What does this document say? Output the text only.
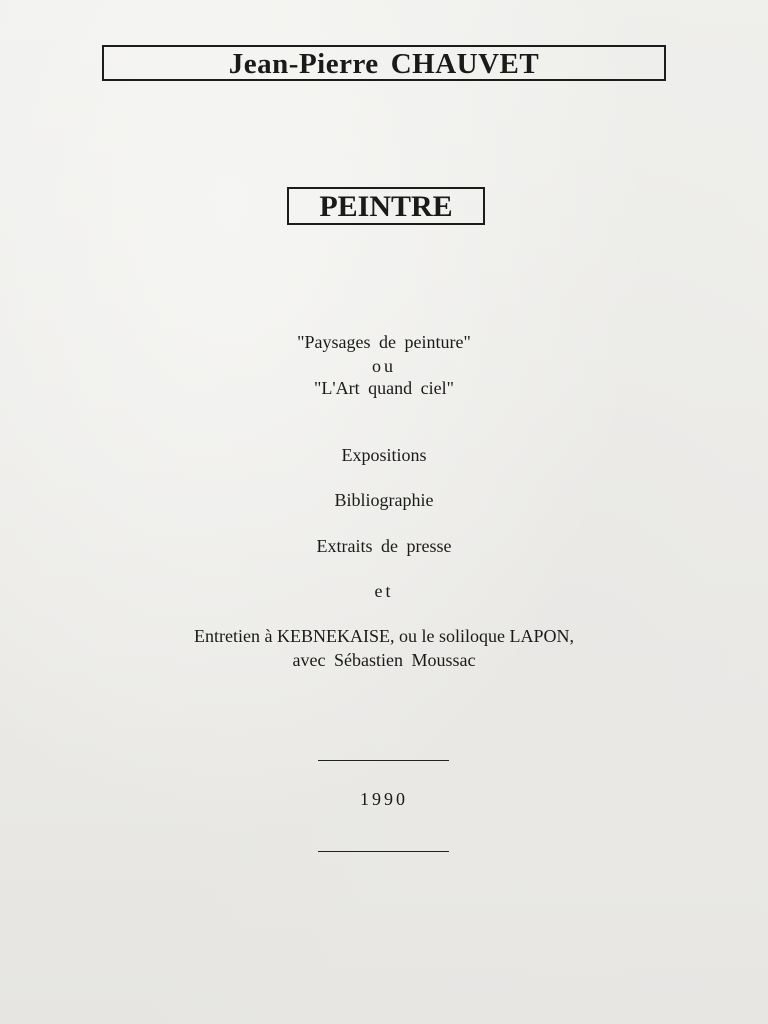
Jean-Pierre CHAUVET
PEINTRE
"Paysages de peinture"
ou
"L'Art quand ciel"
Expositions
Bibliographie
Extraits de presse
et
Entretien à KEBNEKAISE, ou le soliloque LAPON,
avec Sébastien Moussac
1990
